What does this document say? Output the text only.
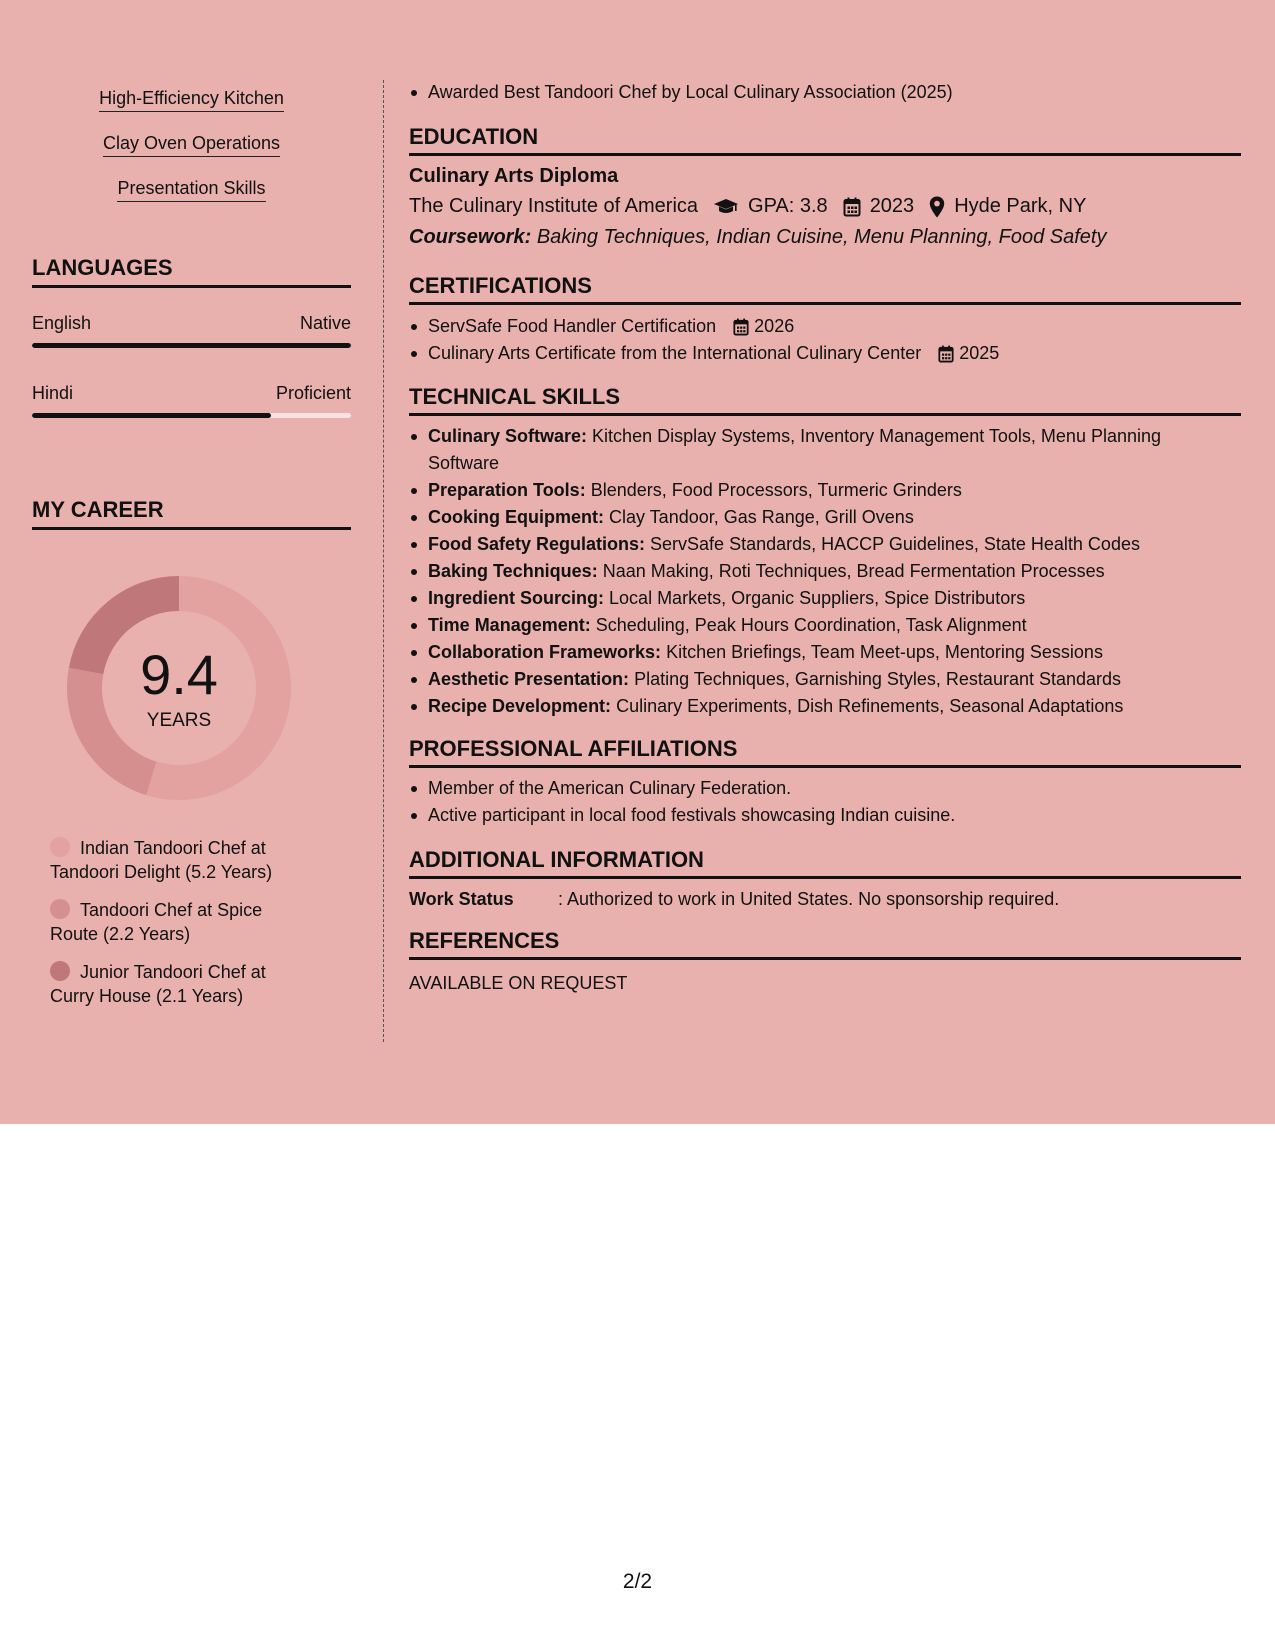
High-Efficiency Kitchen
Clay Oven Operations
Presentation Skills
LANGUAGES
English	Native
Hindi	Proficient
MY CAREER
9.4
YEARS
Indian Tandoori Chef at Tandoori Delight (5.2 Years)
Tandoori Chef at Spice Route (2.2 Years)
Junior Tandoori Chef at Curry House (2.1 Years)
Awarded Best Tandoori Chef by Local Culinary Association (2025)
EDUCATION
Culinary Arts Diploma
The Culinary Institute of America	GPA: 3.8 2023 Hyde Park, NY
Coursework: Baking Techniques, Indian Cuisine, Menu Planning, Food Safety
CERTIFICATIONS
ServSafe Food Handler Certification 2026
Culinary Arts Certificate from the International Culinary Center 2025
TECHNICAL SKILLS
Culinary Software: Kitchen Display Systems, Inventory Management Tools, Menu Planning Software
Preparation Tools: Blenders, Food Processors, Turmeric Grinders
Cooking Equipment: Clay Tandoor, Gas Range, Grill Ovens
Food Safety Regulations: ServSafe Standards, HACCP Guidelines, State Health Codes
Baking Techniques: Naan Making, Roti Techniques, Bread Fermentation Processes
Ingredient Sourcing: Local Markets, Organic Suppliers, Spice Distributors
Time Management: Scheduling, Peak Hours Coordination, Task Alignment
Collaboration Frameworks: Kitchen Briefings, Team Meet-ups, Mentoring Sessions
Aesthetic Presentation: Plating Techniques, Garnishing Styles, Restaurant Standards
Recipe Development: Culinary Experiments, Dish Refinements, Seasonal Adaptations
PROFESSIONAL AFFILIATIONS
Member of the American Culinary Federation.
Active participant in local food festivals showcasing Indian cuisine.
ADDITIONAL INFORMATION
Work Status : Authorized to work in United States. No sponsorship required.
REFERENCES
AVAILABLE ON REQUEST
2/2
